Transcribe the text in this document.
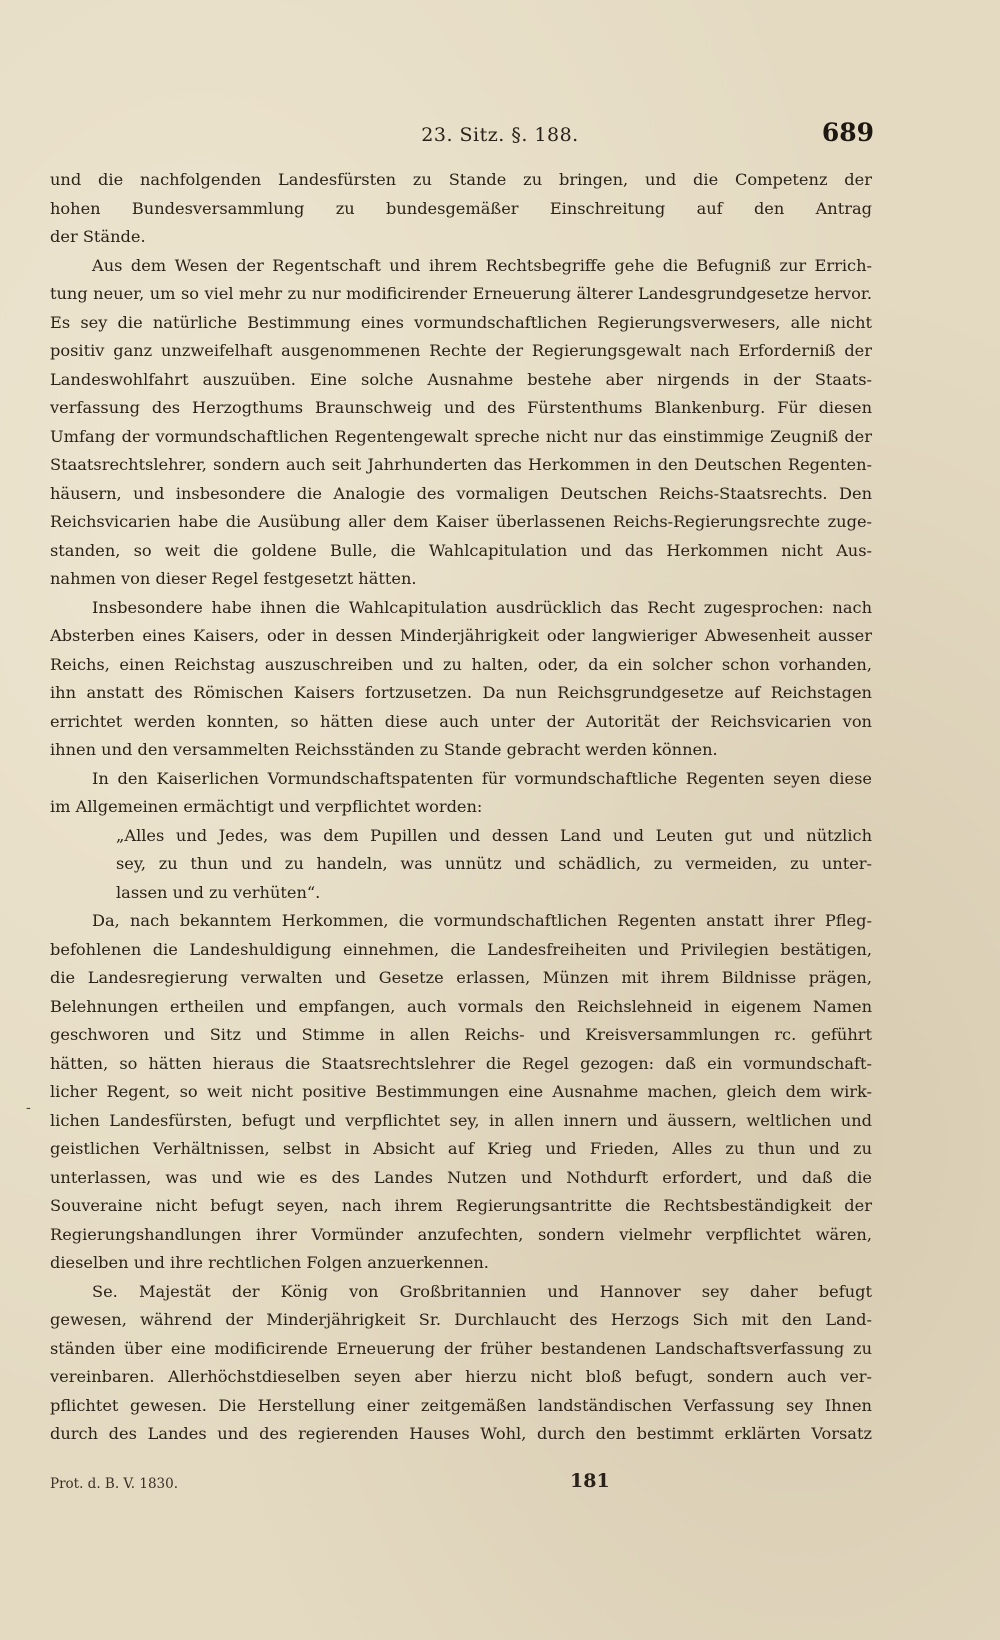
23. Sitz. §. 188.	689
-
und die nachfolgenden Landesfürsten zu Stande zu bringen, und die Competenz der
hohen Bundesversammlung zu bundesgemäßer Einschreitung auf den Antrag
der Stände.
Aus dem Wesen der Regentschaft und ihrem Rechtsbegriffe gehe die Befugniß zur Errich-
tung neuer, um so viel mehr zu nur modificirender Erneuerung älterer Landesgrundgesetze hervor.
Es sey die natürliche Bestimmung eines vormundschaftlichen Regierungsverwesers, alle nicht
positiv ganz unzweifelhaft ausgenommenen Rechte der Regierungsgewalt nach Erforderniß der
Landeswohlfahrt auszuüben. Eine solche Ausnahme bestehe aber nirgends in der Staats-
verfassung des Herzogthums Braunschweig und des Fürstenthums Blankenburg. Für diesen
Umfang der vormundschaftlichen Regentengewalt spreche nicht nur das einstimmige Zeugniß der
Staatsrechtslehrer, sondern auch seit Jahrhunderten das Herkommen in den Deutschen Regenten-
häusern, und insbesondere die Analogie des vormaligen Deutschen Reichs-Staatsrechts. Den
Reichsvicarien habe die Ausübung aller dem Kaiser überlassenen Reichs-Regierungsrechte zuge-
standen, so weit die goldene Bulle, die Wahlcapitulation und das Herkommen nicht Aus-
nahmen von dieser Regel festgesetzt hätten.
Insbesondere habe ihnen die Wahlcapitulation ausdrücklich das Recht zugesprochen: nach
Absterben eines Kaisers, oder in dessen Minderjährigkeit oder langwieriger Abwesenheit ausser
Reichs, einen Reichstag auszuschreiben und zu halten, oder, da ein solcher schon vorhanden,
ihn anstatt des Römischen Kaisers fortzusetzen. Da nun Reichsgrundgesetze auf Reichstagen
errichtet werden konnten, so hätten diese auch unter der Autorität der Reichsvicarien von
ihnen und den versammelten Reichsständen zu Stande gebracht werden können.
In den Kaiserlichen Vormundschaftspatenten für vormundschaftliche Regenten seyen diese
im Allgemeinen ermächtigt und verpflichtet worden:
„Alles und Jedes, was dem Pupillen und dessen Land und Leuten gut und nützlich
sey, zu thun und zu handeln, was unnütz und schädlich, zu vermeiden, zu unter-
lassen und zu verhüten“.
Da, nach bekanntem Herkommen, die vormundschaftlichen Regenten anstatt ihrer Pfleg-
befohlenen die Landeshuldigung einnehmen, die Landesfreiheiten und Privilegien bestätigen,
die Landesregierung verwalten und Gesetze erlassen, Münzen mit ihrem Bildnisse prägen,
Belehnungen ertheilen und empfangen, auch vormals den Reichslehneid in eigenem Namen
geschworen und Sitz und Stimme in allen Reichs- und Kreisversammlungen rc. geführt
hätten, so hätten hieraus die Staatsrechtslehrer die Regel gezogen: daß ein vormundschaft-
licher Regent, so weit nicht positive Bestimmungen eine Ausnahme machen, gleich dem wirk-
lichen Landesfürsten, befugt und verpflichtet sey, in allen innern und äussern, weltlichen und
geistlichen Verhältnissen, selbst in Absicht auf Krieg und Frieden, Alles zu thun und zu
unterlassen, was und wie es des Landes Nutzen und Nothdurft erfordert, und daß die
Souveraine nicht befugt seyen, nach ihrem Regierungsantritte die Rechtsbeständigkeit der
Regierungshandlungen ihrer Vormünder anzufechten, sondern vielmehr verpflichtet wären,
dieselben und ihre rechtlichen Folgen anzuerkennen.
Se. Majestät der König von Großbritannien und Hannover sey daher befugt
gewesen, während der Minderjährigkeit Sr. Durchlaucht des Herzogs Sich mit den Land-
ständen über eine modificirende Erneuerung der früher bestandenen Landschaftsverfassung zu
vereinbaren. Allerhöchstdieselben seyen aber hierzu nicht bloß befugt, sondern auch ver-
pflichtet gewesen. Die Herstellung einer zeitgemäßen landständischen Verfassung sey Ihnen
durch des Landes und des regierenden Hauses Wohl, durch den bestimmt erklärten Vorsatz
Prot. d. B. V. 1830.	181
